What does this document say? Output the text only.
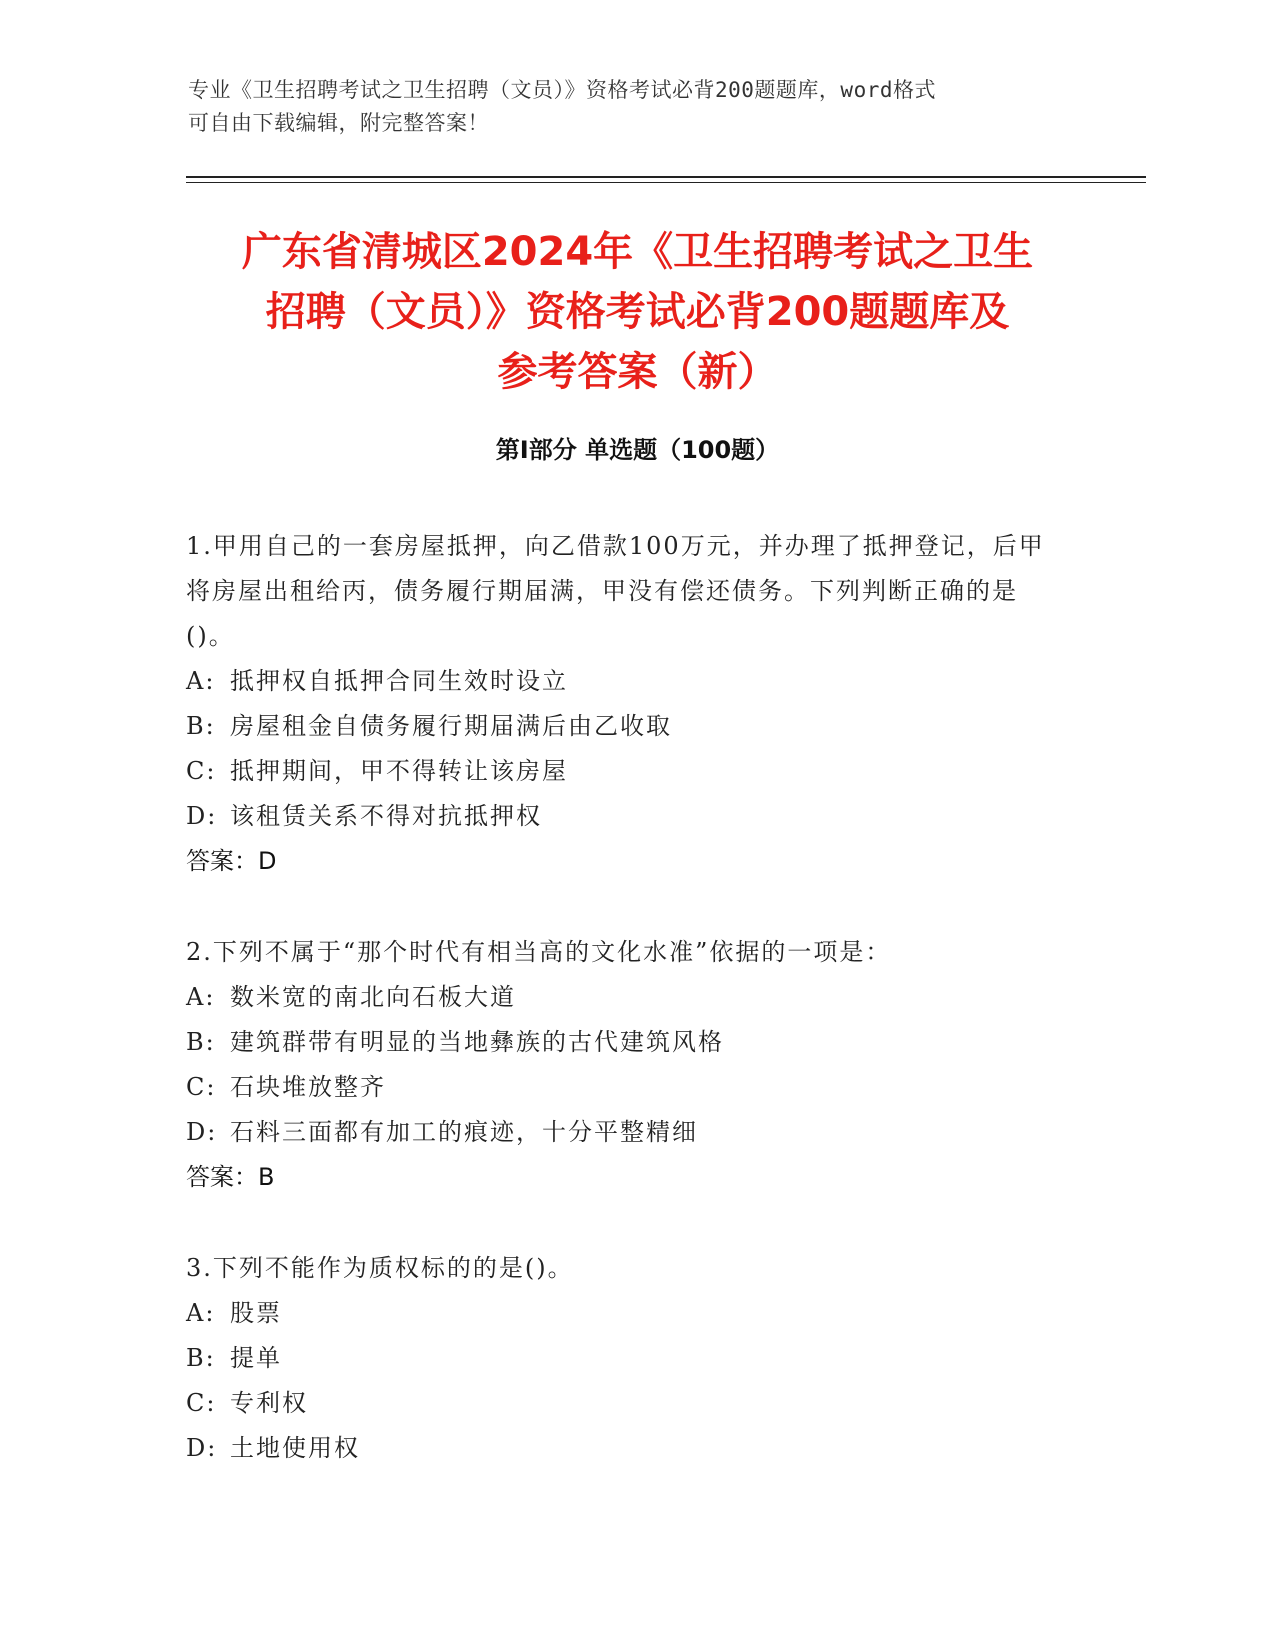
专业《卫生招聘考试之卫生招聘（文员）》资格考试必背200题题库，word格式
可自由下载编辑，附完整答案！
广东省清城区2024年《卫生招聘考试之卫生
招聘（文员）》资格考试必背200题题库及
参考答案（新）
第Ⅰ部分 单选题（100题）
1.甲用自己的一套房屋抵押，向乙借款100万元，并办理了抵押登记，后甲将房屋出租给丙，债务履行期届满，甲没有偿还债务。下列判断正确的是()。
A: 抵押权自抵押合同生效时设立
B: 房屋租金自债务履行期届满后由乙收取
C: 抵押期间，甲不得转让该房屋
D: 该租赁关系不得对抗抵押权
答案：D
2.下列不属于“那个时代有相当高的文化水准”依据的一项是：
A: 数米宽的南北向石板大道
B: 建筑群带有明显的当地彝族的古代建筑风格
C: 石块堆放整齐
D: 石料三面都有加工的痕迹，十分平整精细
答案：B
3.下列不能作为质权标的的是()。
A: 股票
B: 提单
C: 专利权
D: 土地使用权
